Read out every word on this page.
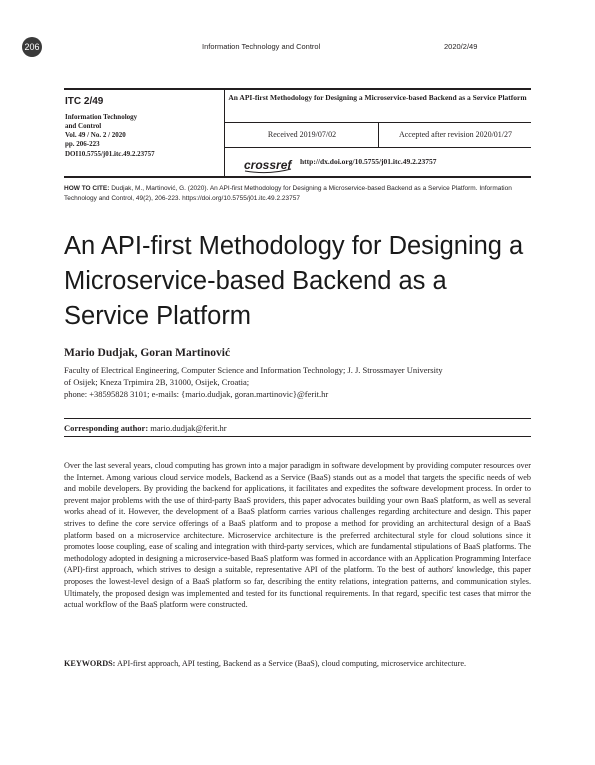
206	Information Technology and Control	2020/2/49
ITC 2/49
Information Technology
and Control
Vol. 49 / No. 2 / 2020
pp. 206-223
DOI10.5755/j01.itc.49.2.23757
An API-first Methodology for Designing a Microservice-based Backend as a Service Platform
Received 2019/07/02	Accepted after revision 2020/01/27
crossref http://dx.doi.org/10.5755/j01.itc.49.2.23757
HOW TO CITE: Dudjak, M., Martinović, G. (2020). An API-first Methodology for Designing a Microservice-based Backend as a Service Platform. Information Technology and Control, 49(2), 206-223. https://doi.org/10.5755/j01.itc.49.2.23757
An API-first Methodology for Designing a Microservice-based Backend as a Service Platform
Mario Dudjak, Goran Martinović
Faculty of Electrical Engineering, Computer Science and Information Technology; J. J. Strossmayer University
of Osijek; Kneza Trpimira 2B, 31000, Osijek, Croatia;
phone: +38595828 3101; e-mails: {mario.dudjak, goran.martinovic}@ferit.hr
Corresponding author: mario.dudjak@ferit.hr
Over the last several years, cloud computing has grown into a major paradigm in software development by providing computer resources over the Internet. Among various cloud service models, Backend as a Service (BaaS) stands out as a model that targets the specific needs of web and mobile developers. By providing the backend for applications, it facilitates and expedites the software development process. In order to prevent major problems with the use of third-party BaaS providers, this paper advocates building your own BaaS platform, as well as several works ahead of it. However, the development of a BaaS platform carries various challenges regarding architecture and design. This paper strives to define the core service offerings of a BaaS platform and to propose a method for providing an architectural design of a BaaS platform based on a microservice architecture. Microservice architecture is the preferred architectural style for cloud solutions since it promotes loose coupling, ease of scaling and integration with third-party services, which are fundamental stipulations of BaaS platforms. The methodology adopted in designing a microservice-based BaaS platform was formed in accordance with an Application Programming Interface (API)-first approach, which strives to design a suitable, representative API of the platform. To the best of authors' knowledge, this paper proposes the lowest-level design of a BaaS platform so far, describing the entity relations, integration patterns, and communication styles. Ultimately, the proposed design was implemented and tested for its functional requirements. In that regard, specific test cases that mirror the actual workflow of the BaaS platform were constructed.
KEYWORDS: API-first approach, API testing, Backend as a Service (BaaS), cloud computing, microservice architecture.
